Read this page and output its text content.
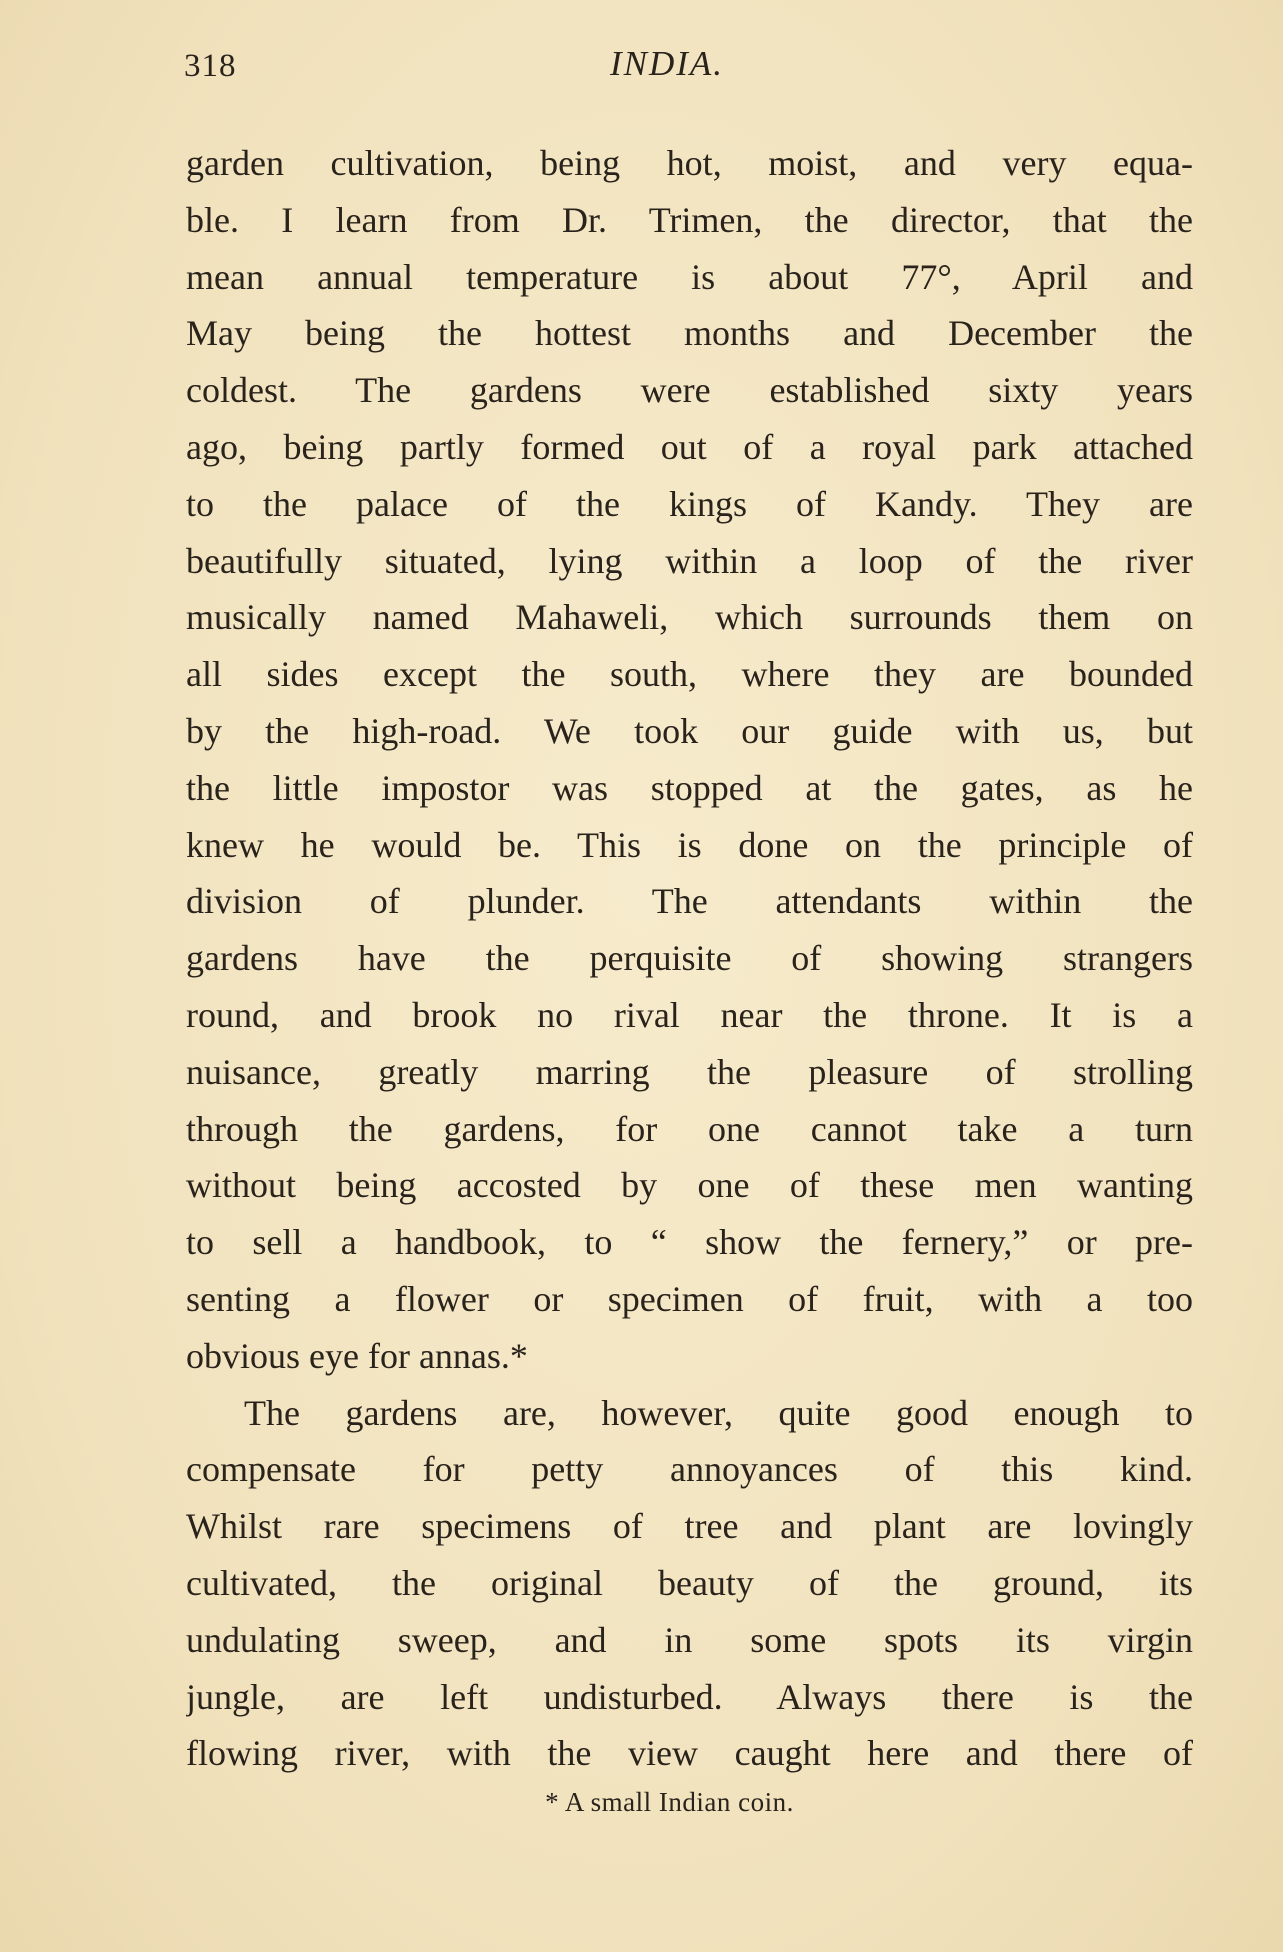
318	INDIA.
garden cultivation, being hot, moist, and very equa-
ble. I learn from Dr. Trimen, the director, that the
mean annual temperature is about 77°, April and
May being the hottest months and December the
coldest. The gardens were established sixty years
ago, being partly formed out of a royal park attached
to the palace of the kings of Kandy. They are
beautifully situated, lying within a loop of the river
musically named Mahaweli, which surrounds them on
all sides except the south, where they are bounded
by the high-road. We took our guide with us, but
the little impostor was stopped at the gates, as he
knew he would be. This is done on the principle of
division of plunder. The attendants within the
gardens have the perquisite of showing strangers
round, and brook no rival near the throne. It is a
nuisance, greatly marring the pleasure of strolling
through the gardens, for one cannot take a turn
without being accosted by one of these men wanting
to sell a handbook, to “ show the fernery,” or pre-
senting a flower or specimen of fruit, with a too
obvious eye for annas.*
The gardens are, however, quite good enough to
compensate for petty annoyances of this kind.
Whilst rare specimens of tree and plant are lovingly
cultivated, the original beauty of the ground, its
undulating sweep, and in some spots its virgin
jungle, are left undisturbed. Always there is the
flowing river, with the view caught here and there of
* A small Indian coin.
